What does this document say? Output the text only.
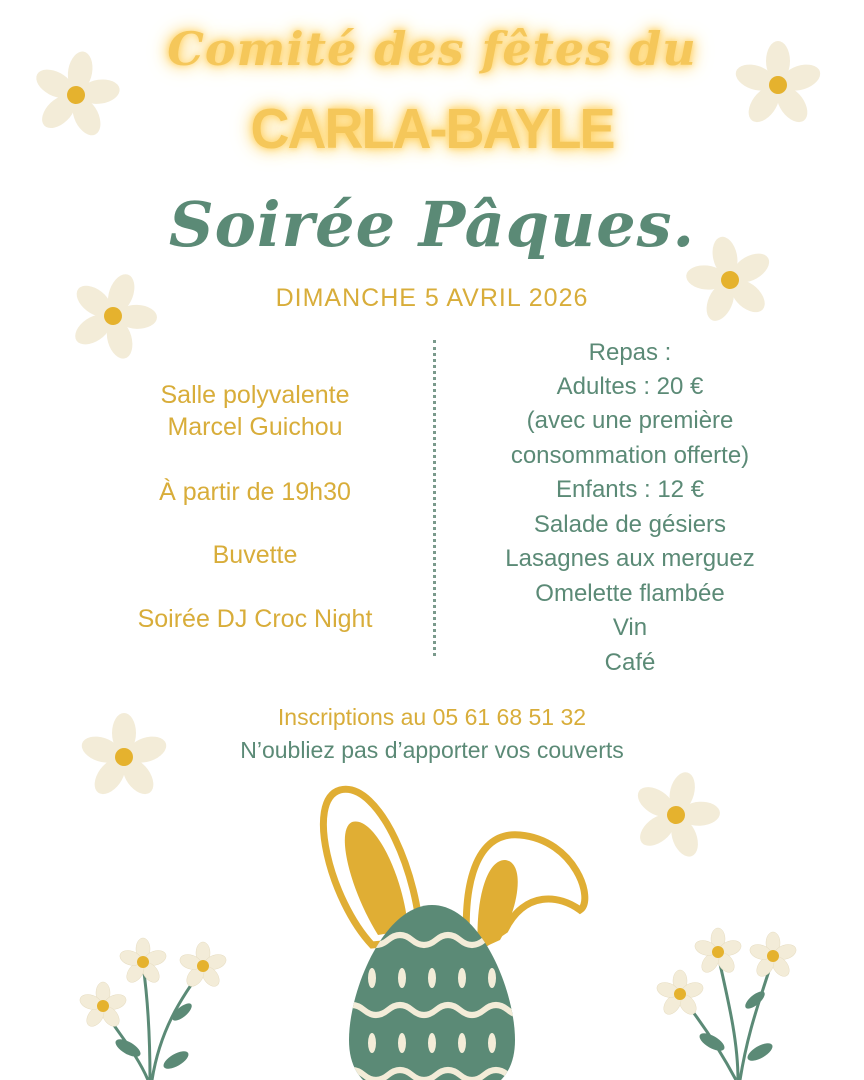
Comité des fêtes du
CARLA-BAYLE
Soirée Pâques.
DIMANCHE 5 AVRIL 2026
Salle polyvalente
Marcel Guichou
À partir de 19h30
Buvette
Soirée DJ Croc Night
Repas :
Adultes : 20 €
(avec une première
consommation offerte)
Enfants : 12 €
Salade de gésiers
Lasagnes aux merguez
Omelette flambée
Vin
Café
Inscriptions au 05 61 68 51 32
N’oubliez pas d’apporter vos couverts
